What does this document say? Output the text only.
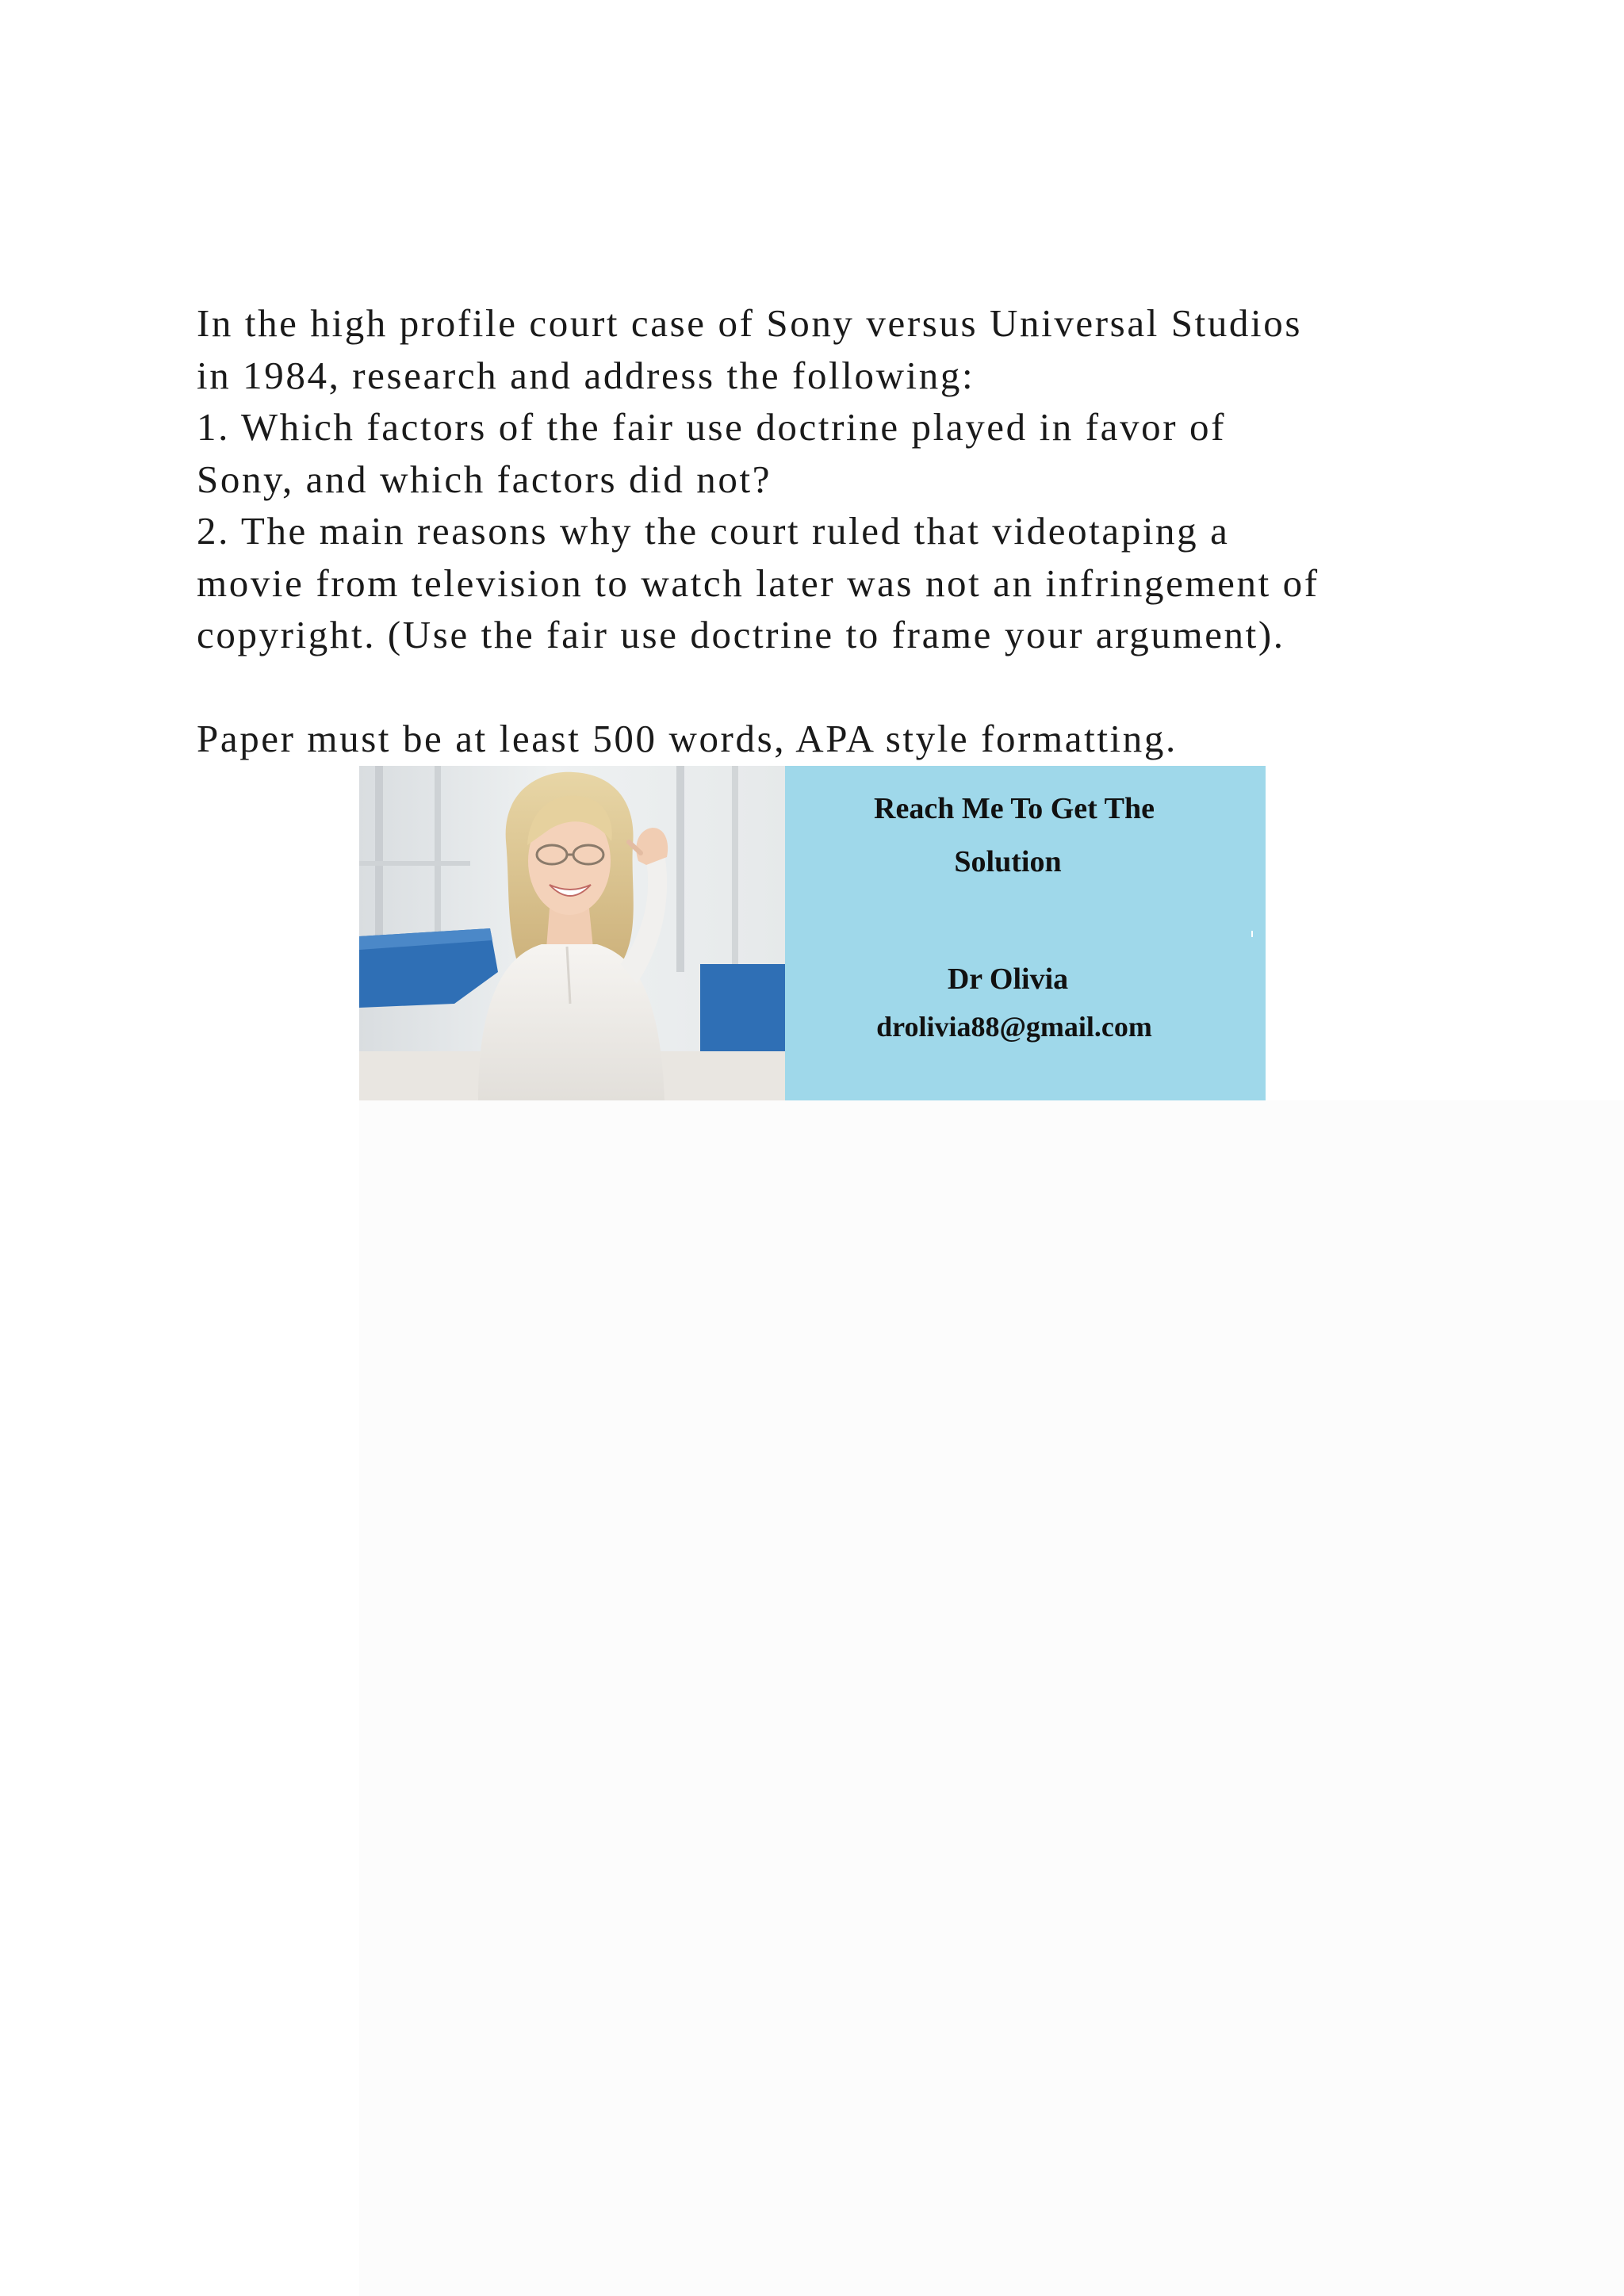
In the high profile court case of Sony versus Universal Studios
in 1984, research and address the following:
1. Which factors of the fair use doctrine played in favor of
Sony, and which factors did not?
2. The main reasons why the court ruled that videotaping a
movie from television to watch later was not an infringement of
copyright. (Use the fair use doctrine to frame your argument).
Paper must be at least 500 words, APA style formatting.
Reach Me To Get The
Solution
Dr Olivia
drolivia88@gmail.com
